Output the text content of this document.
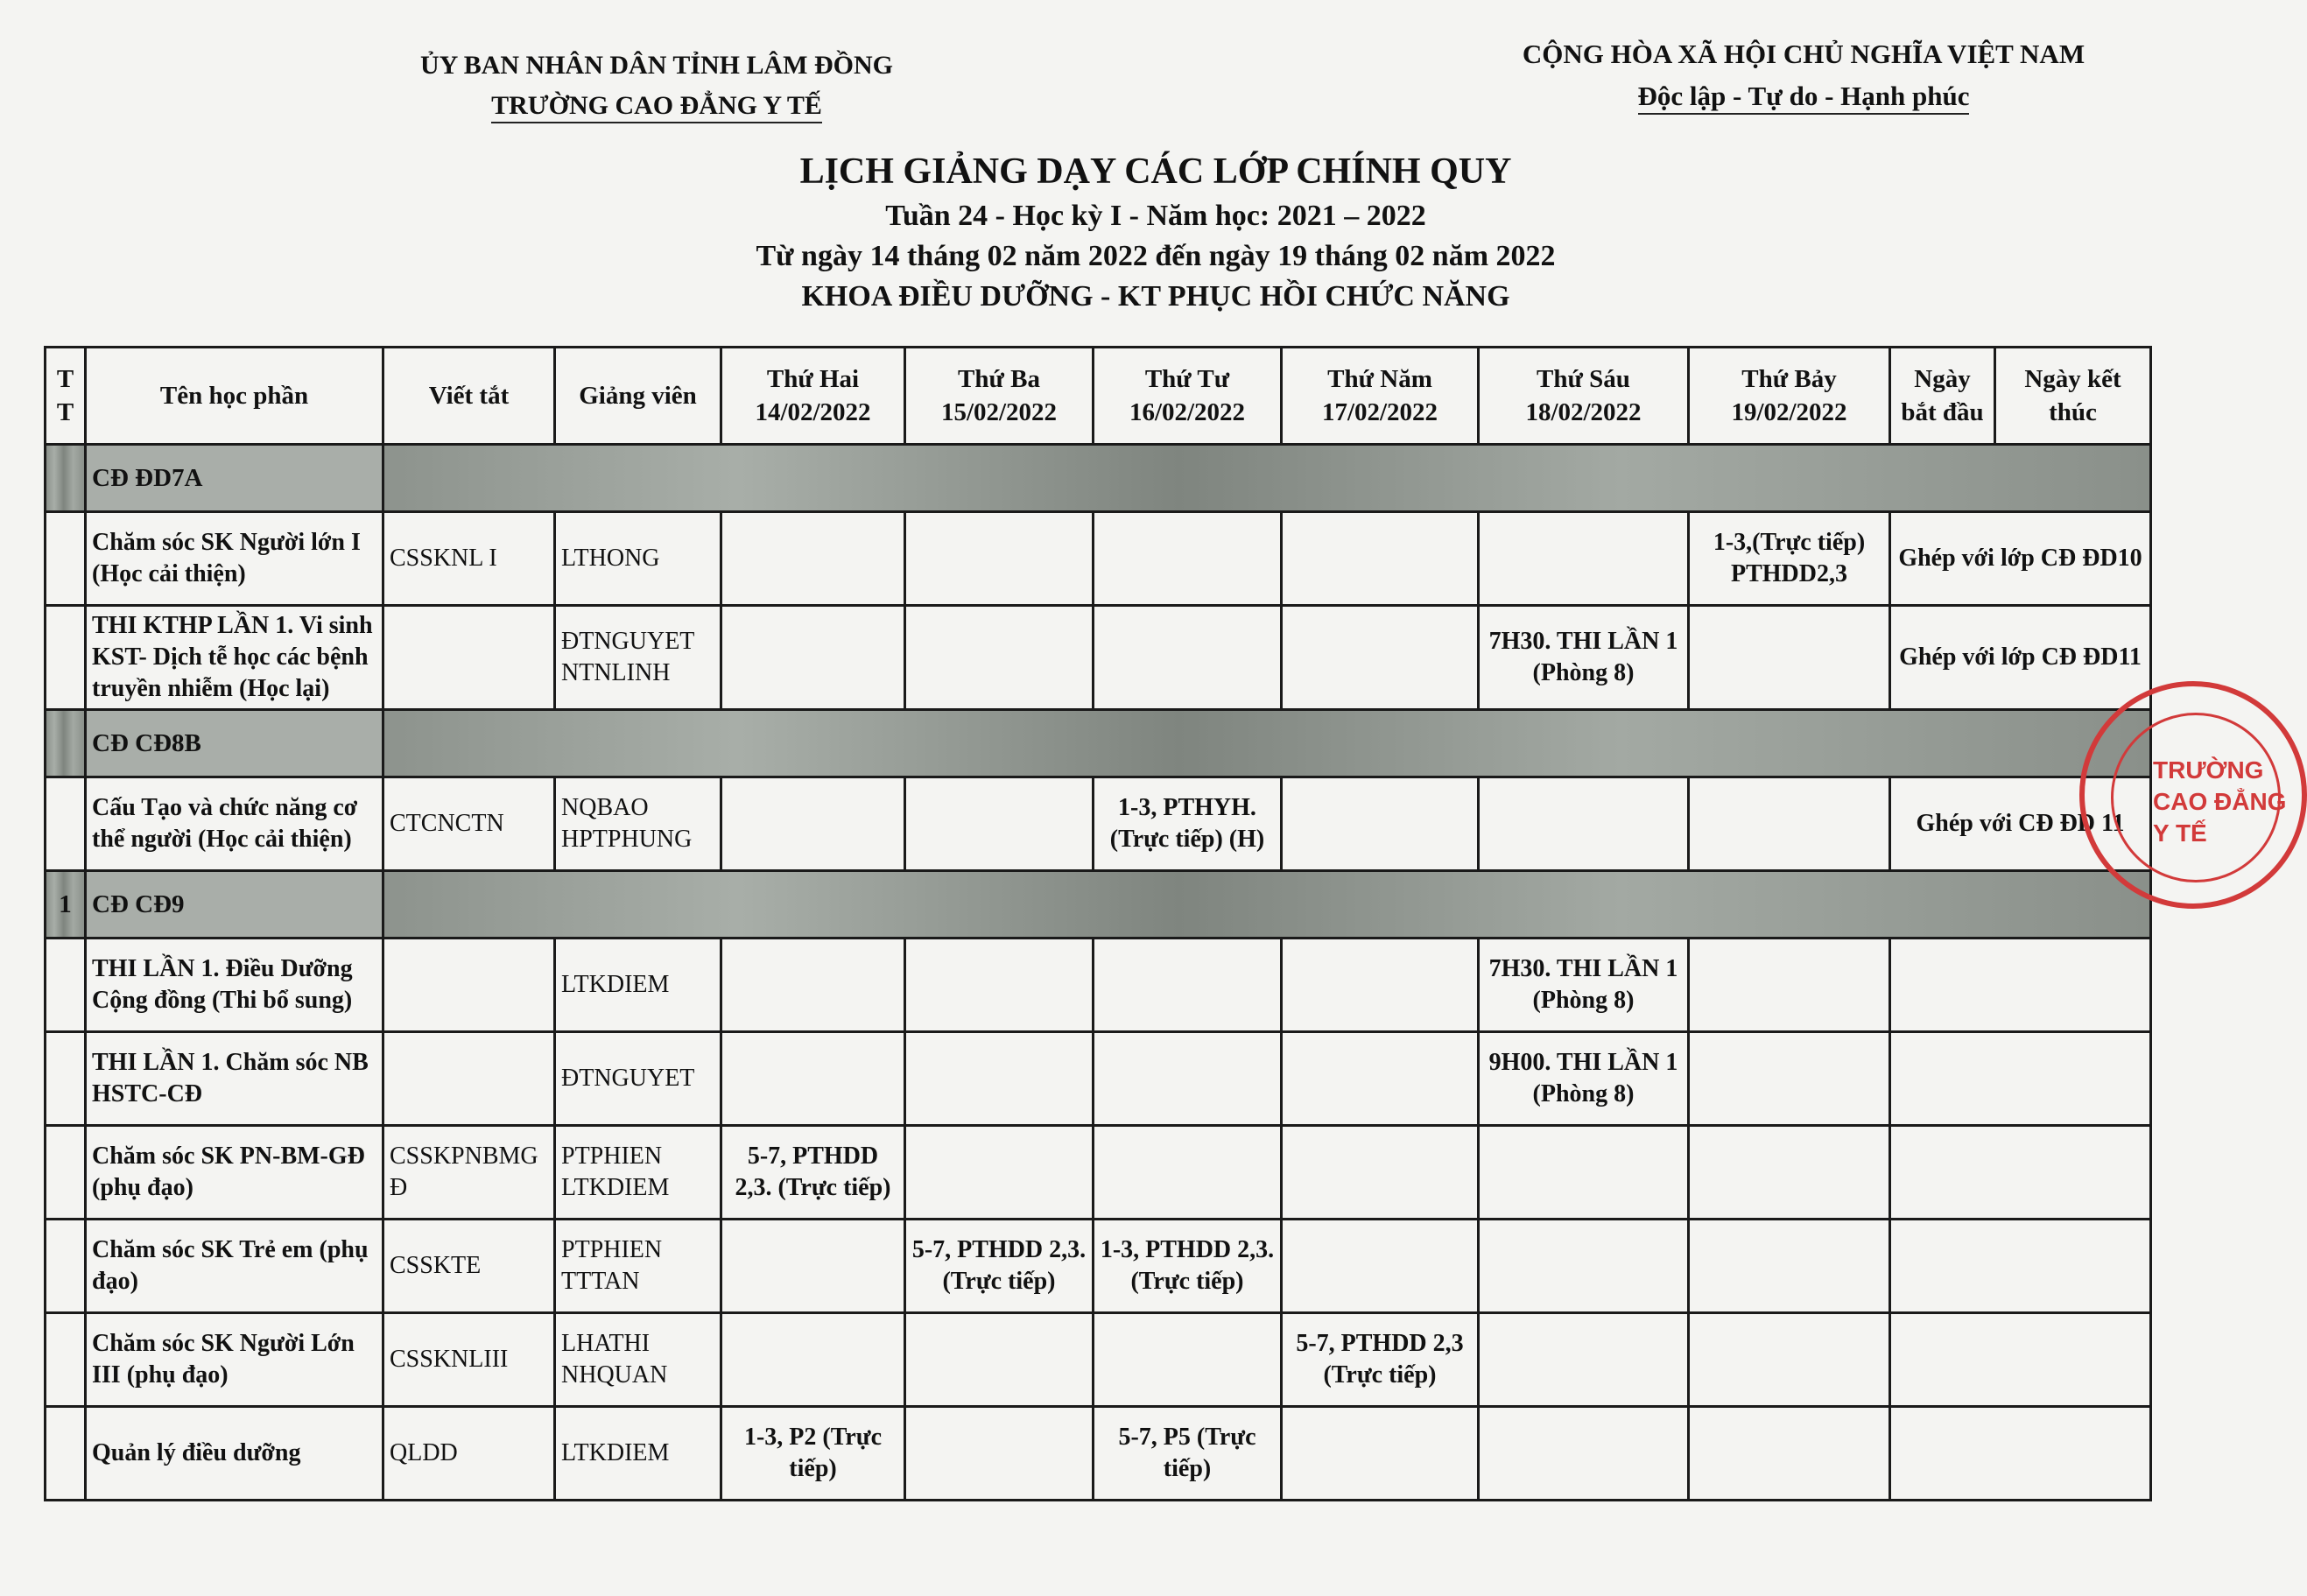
ỦY BAN NHÂN DÂN TỈNH LÂM ĐỒNG
TRƯỜNG CAO ĐẲNG Y TẾ
CỘNG HÒA XÃ HỘI CHỦ NGHĨA VIỆT NAM
Độc lập - Tự do - Hạnh phúc
LỊCH GIẢNG DẠY CÁC LỚP CHÍNH QUY
Tuần 24 - Học kỳ I - Năm học: 2021 – 2022
Từ ngày 14 tháng 02 năm 2022 đến ngày 19 tháng 02 năm 2022
KHOA ĐIỀU DƯỠNG - KT PHỤC HỒI CHỨC NĂNG
T T	Tên học phần	Viết tắt	Giảng viên	Thứ Hai 14/02/2022	Thứ Ba 15/02/2022	Thứ Tư 16/02/2022	Thứ Năm 17/02/2022	Thứ Sáu 18/02/2022	Thứ Bảy 19/02/2022	Ngày bắt đầu	Ngày kết thúc
	CĐ ĐD7A										
	Chăm sóc SK Người lớn I (Học cải thiện)	CSSKNL I	LTHONG						1-3,(Trực tiếp) PTHDD2,3	Ghép với lớp CĐ ĐD10	
	THI KTHP LẦN 1. Vi sinh KST- Dịch tễ học các bệnh truyền nhiễm (Học lại)		ĐTNGUYET NTNLINH					7H30. THI LẦN 1 (Phòng 8)		Ghép với lớp CĐ ĐD11	
	CĐ CĐ8B										
	Cấu Tạo và chức năng cơ thể người (Học cải thiện)	CTCNCTN	NQBAO HPTPHUNG			1-3, PTHYH. (Trực tiếp) (H)				Ghép với CĐ ĐD 11	
1	CĐ CĐ9										
	THI LẦN 1. Điều Dưỡng Cộng đồng (Thi bổ sung)		LTKDIEM					7H30. THI LẦN 1 (Phòng 8)			
	THI LẦN 1. Chăm sóc NB HSTC-CĐ		ĐTNGUYET					9H00. THI LẦN 1 (Phòng 8)			
	Chăm sóc SK PN-BM-GĐ (phụ đạo)	CSSKPNBMGĐ	PTPHIEN LTKDIEM	5-7, PTHDD 2,3. (Trực tiếp)							
	Chăm sóc SK Trẻ em (phụ đạo)	CSSKTE	PTPHIEN TTTAN		5-7, PTHDD 2,3. (Trực tiếp)	1-3, PTHDD 2,3. (Trực tiếp)					
	Chăm sóc SK Người Lớn III (phụ đạo)	CSSKNLIII	LHATHI NHQUAN				5-7, PTHDD 2,3 (Trực tiếp)				
	Quản lý điều dưỡng	QLDD	LTKDIEM	1-3, P2 (Trực tiếp)		5-7, P5 (Trực tiếp)					
TRƯỜNG CAO ĐẲNG Y TẾ
